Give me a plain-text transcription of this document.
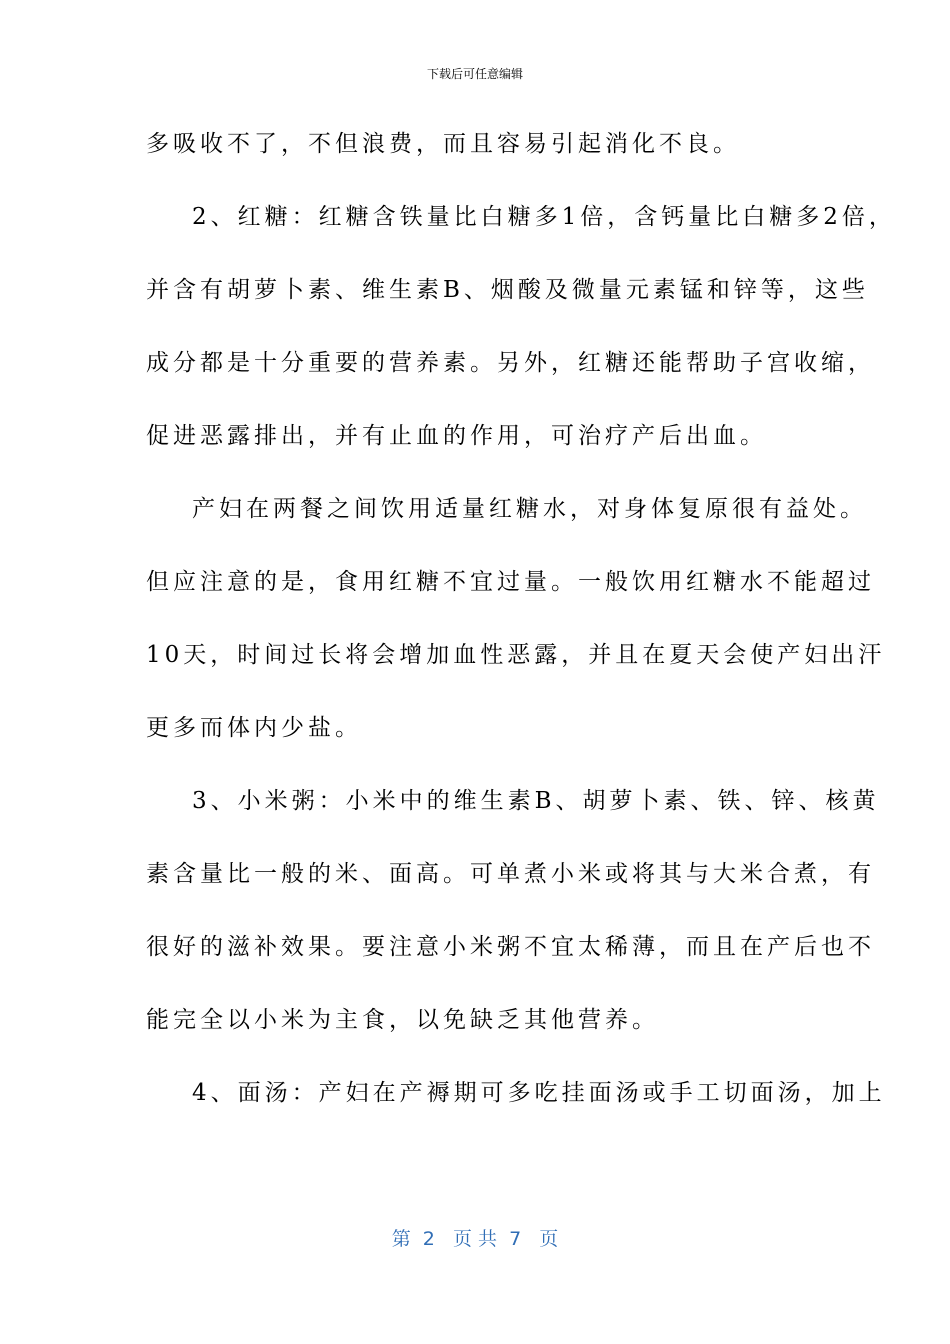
下载后可任意编辑
多吸收不了，不但浪费，而且容易引起消化不良。
2、红糖：红糖含铁量比白糖多1倍，含钙量比白糖多2倍，
并含有胡萝卜素、维生素B、烟酸及微量元素锰和锌等，这些
成分都是十分重要的营养素。另外，红糖还能帮助子宫收缩，
促进恶露排出，并有止血的作用，可治疗产后出血。
产妇在两餐之间饮用适量红糖水，对身体复原很有益处。
但应注意的是，食用红糖不宜过量。一般饮用红糖水不能超过
10天，时间过长将会增加血性恶露，并且在夏天会使产妇出汗
更多而体内少盐。
3、小米粥：小米中的维生素B、胡萝卜素、铁、锌、核黄
素含量比一般的米、面高。可单煮小米或将其与大米合煮，有
很好的滋补效果。要注意小米粥不宜太稀薄，而且在产后也不
能完全以小米为主食，以免缺乏其他营养。
4、面汤：产妇在产褥期可多吃挂面汤或手工切面汤，加上
第  2   页 共  7   页
